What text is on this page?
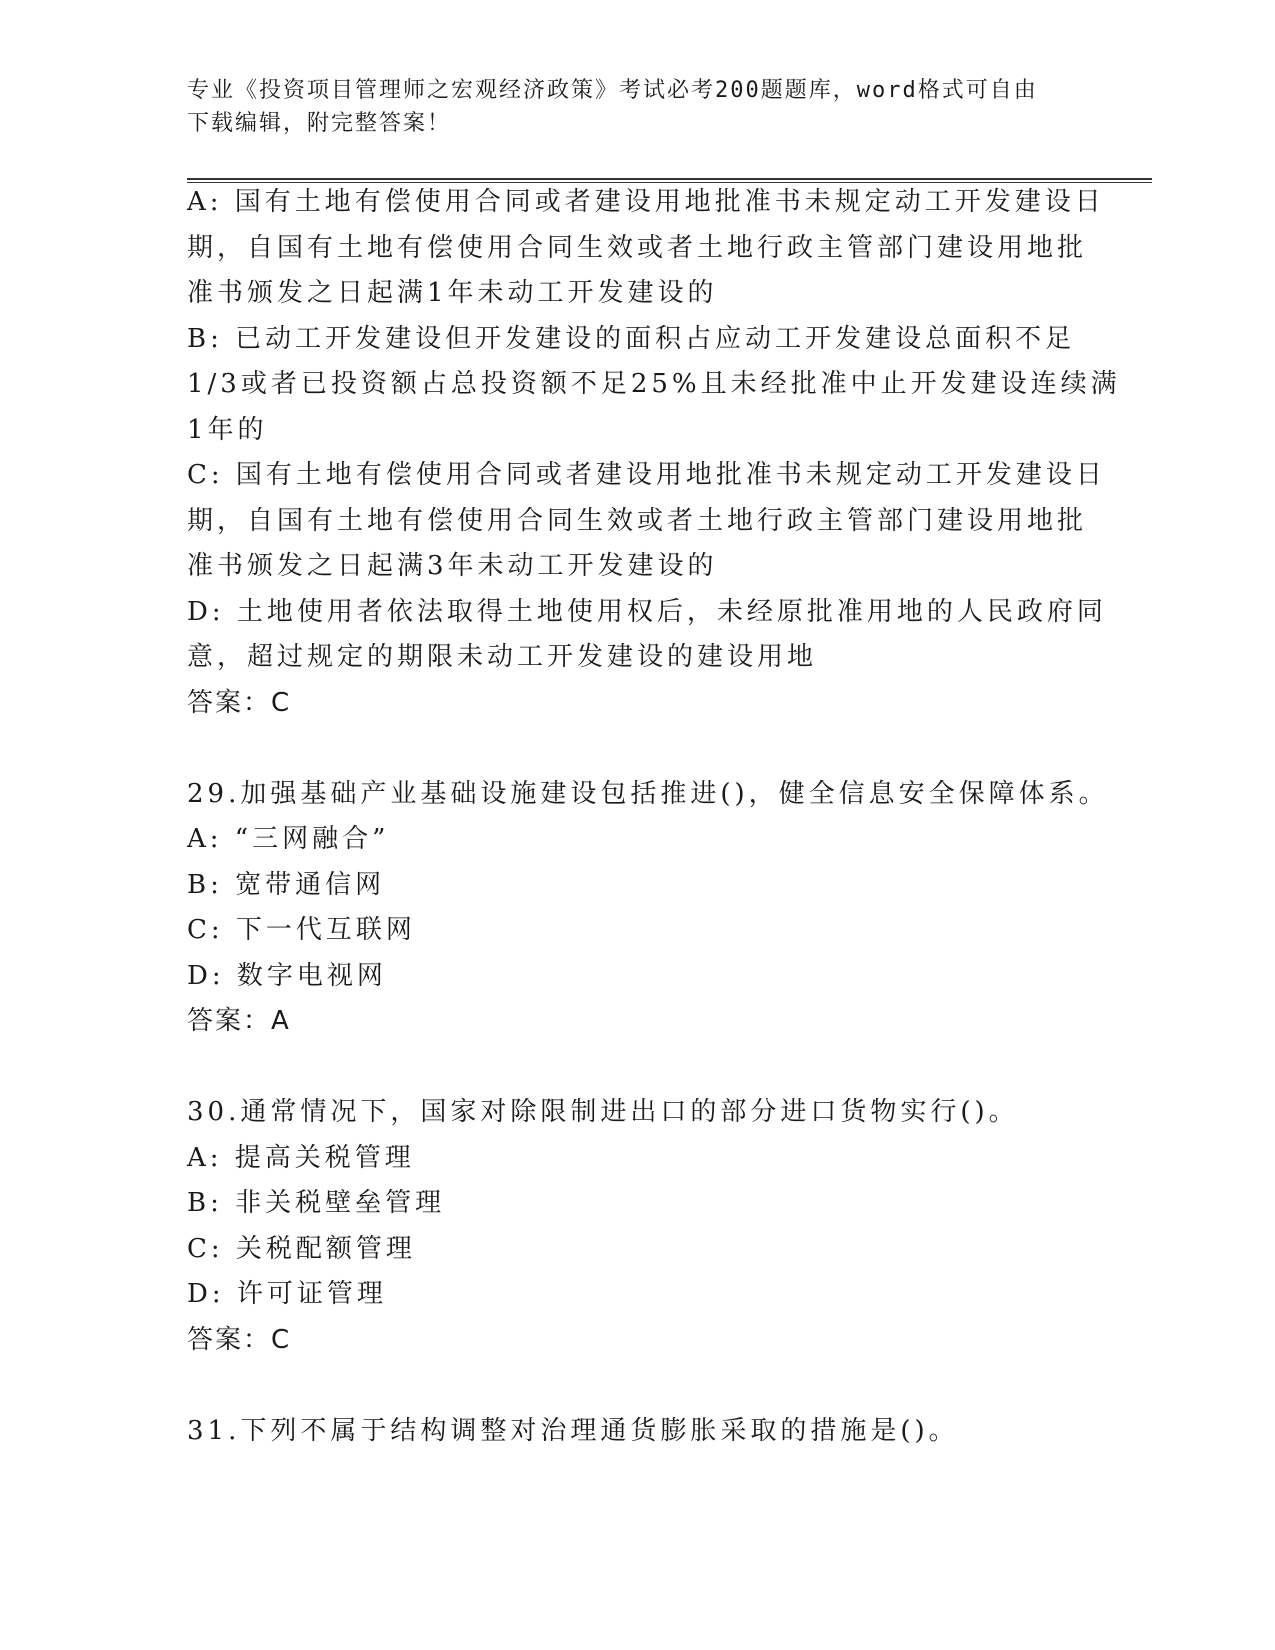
专业《投资项目管理师之宏观经济政策》考试必考200题题库，word格式可自由
下载编辑，附完整答案！
A: 国有土地有偿使用合同或者建设用地批准书未规定动工开发建设日
期，自国有土地有偿使用合同生效或者土地行政主管部门建设用地批
准书颁发之日起满1年未动工开发建设的
B: 已动工开发建设但开发建设的面积占应动工开发建设总面积不足
1/3或者已投资额占总投资额不足25%且未经批准中止开发建设连续满
1年的
C: 国有土地有偿使用合同或者建设用地批准书未规定动工开发建设日
期，自国有土地有偿使用合同生效或者土地行政主管部门建设用地批
准书颁发之日起满3年未动工开发建设的
D: 土地使用者依法取得土地使用权后，未经原批准用地的人民政府同
意，超过规定的期限未动工开发建设的建设用地
答案：C
29.加强基础产业基础设施建设包括推进()，健全信息安全保障体系。
A: “三网融合”
B: 宽带通信网
C: 下一代互联网
D: 数字电视网
答案：A
30.通常情况下，国家对除限制进出口的部分进口货物实行()。
A: 提高关税管理
B: 非关税壁垒管理
C: 关税配额管理
D: 许可证管理
答案：C
31.下列不属于结构调整对治理通货膨胀采取的措施是()。
